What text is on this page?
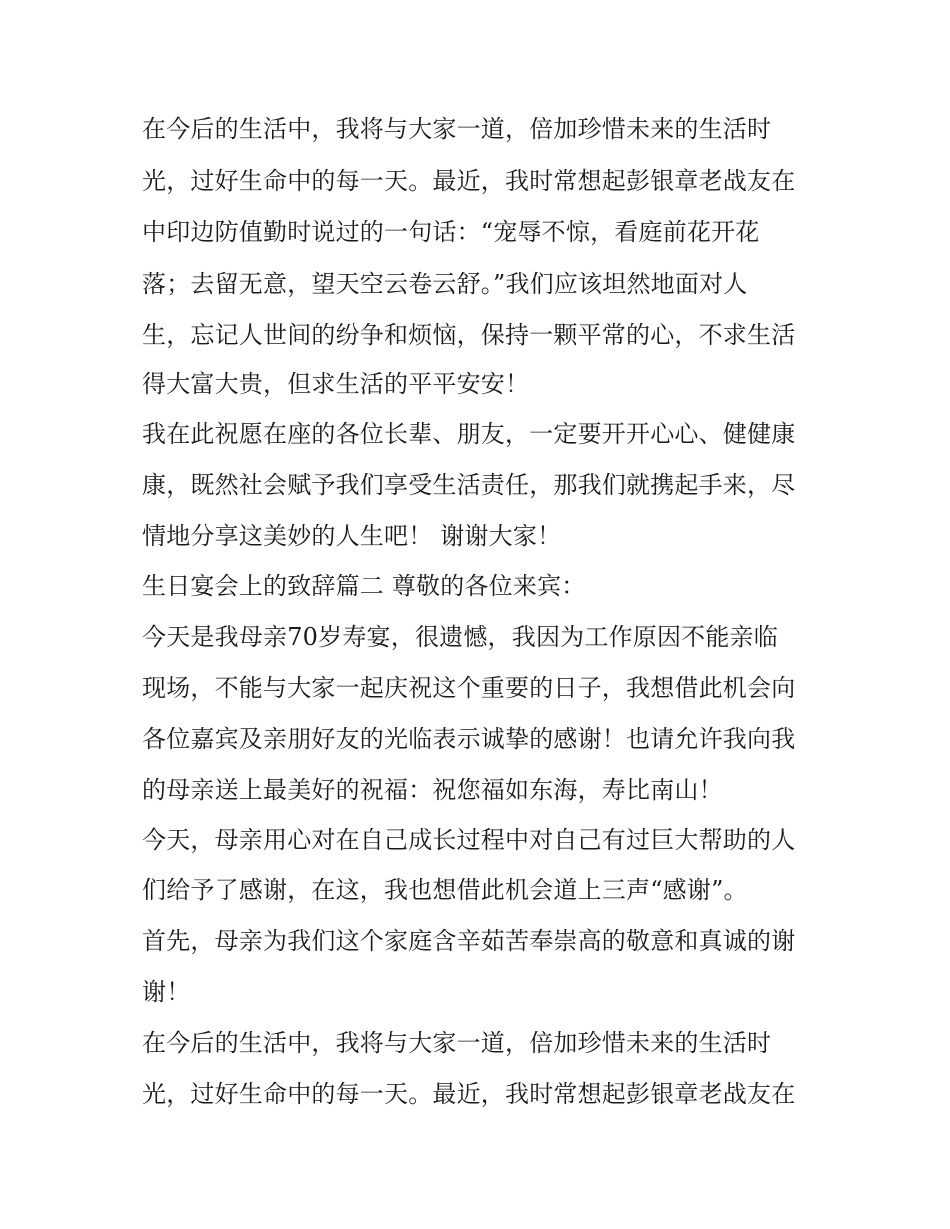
在今后的生活中，我将与大家一道，倍加珍惜未来的生活时
光，过好生命中的每一天。最近，我时常想起彭银章老战友在
中印边防值勤时说过的一句话：“宠辱不惊，看庭前花开花
落；去留无意，望天空云卷云舒。”我们应该坦然地面对人
生，忘记人世间的纷争和烦恼，保持一颗平常的心，不求生活
得大富大贵，但求生活的平平安安！
我在此祝愿在座的各位长辈、朋友，一定要开开心心、健健康
康，既然社会赋予我们享受生活责任，那我们就携起手来，尽
情地分享这美妙的人生吧！ 谢谢大家！
生日宴会上的致辞篇二 尊敬的各位来宾：
今天是我母亲70岁寿宴，很遗憾，我因为工作原因不能亲临
现场，不能与大家一起庆祝这个重要的日子，我想借此机会向
各位嘉宾及亲朋好友的光临表示诚挚的感谢！也请允许我向我
的母亲送上最美好的祝福：祝您福如东海，寿比南山！
今天，母亲用心对在自己成长过程中对自己有过巨大帮助的人
们给予了感谢，在这，我也想借此机会道上三声“感谢”。
首先，母亲为我们这个家庭含辛茹苦奉崇高的敬意和真诚的谢
谢！
在今后的生活中，我将与大家一道，倍加珍惜未来的生活时
光，过好生命中的每一天。最近，我时常想起彭银章老战友在
